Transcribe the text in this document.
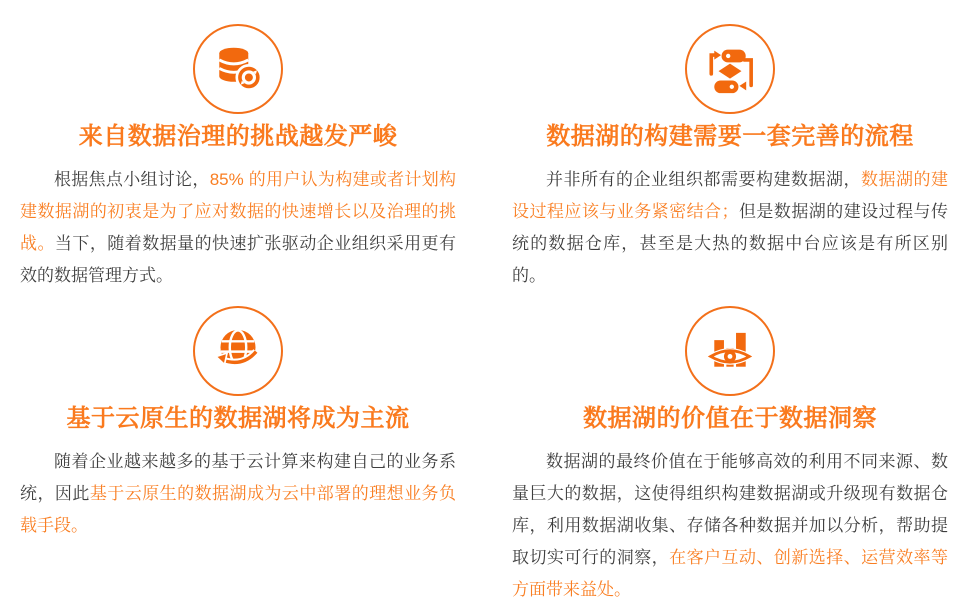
来自数据治理的挑战越发严峻

根据焦点小组讨论，85% 的用户认为构建或者计划构建数据湖的初衷是为了应对数据的快速增长以及治理的挑战。当下，随着数据量的快速扩张驱动企业组织采用更有效的数据管理方式。

数据湖的构建需要一套完善的流程

并非所有的企业组织都需要构建数据湖，数据湖的建设过程应该与业务紧密结合；但是数据湖的建设过程与传统的数据仓库，甚至是大热的数据中台应该是有所区别的。

基于云原生的数据湖将成为主流

随着企业越来越多的基于云计算来构建自己的业务系统，因此基于云原生的数据湖成为云中部署的理想业务负载手段。

数据湖的价值在于数据洞察

数据湖的最终价值在于能够高效的利用不同来源、数量巨大的数据，这使得组织构建数据湖或升级现有数据仓库，利用数据湖收集、存储各种数据并加以分析，帮助提取切实可行的洞察，在客户互动、创新选择、运营效率等方面带来益处。
